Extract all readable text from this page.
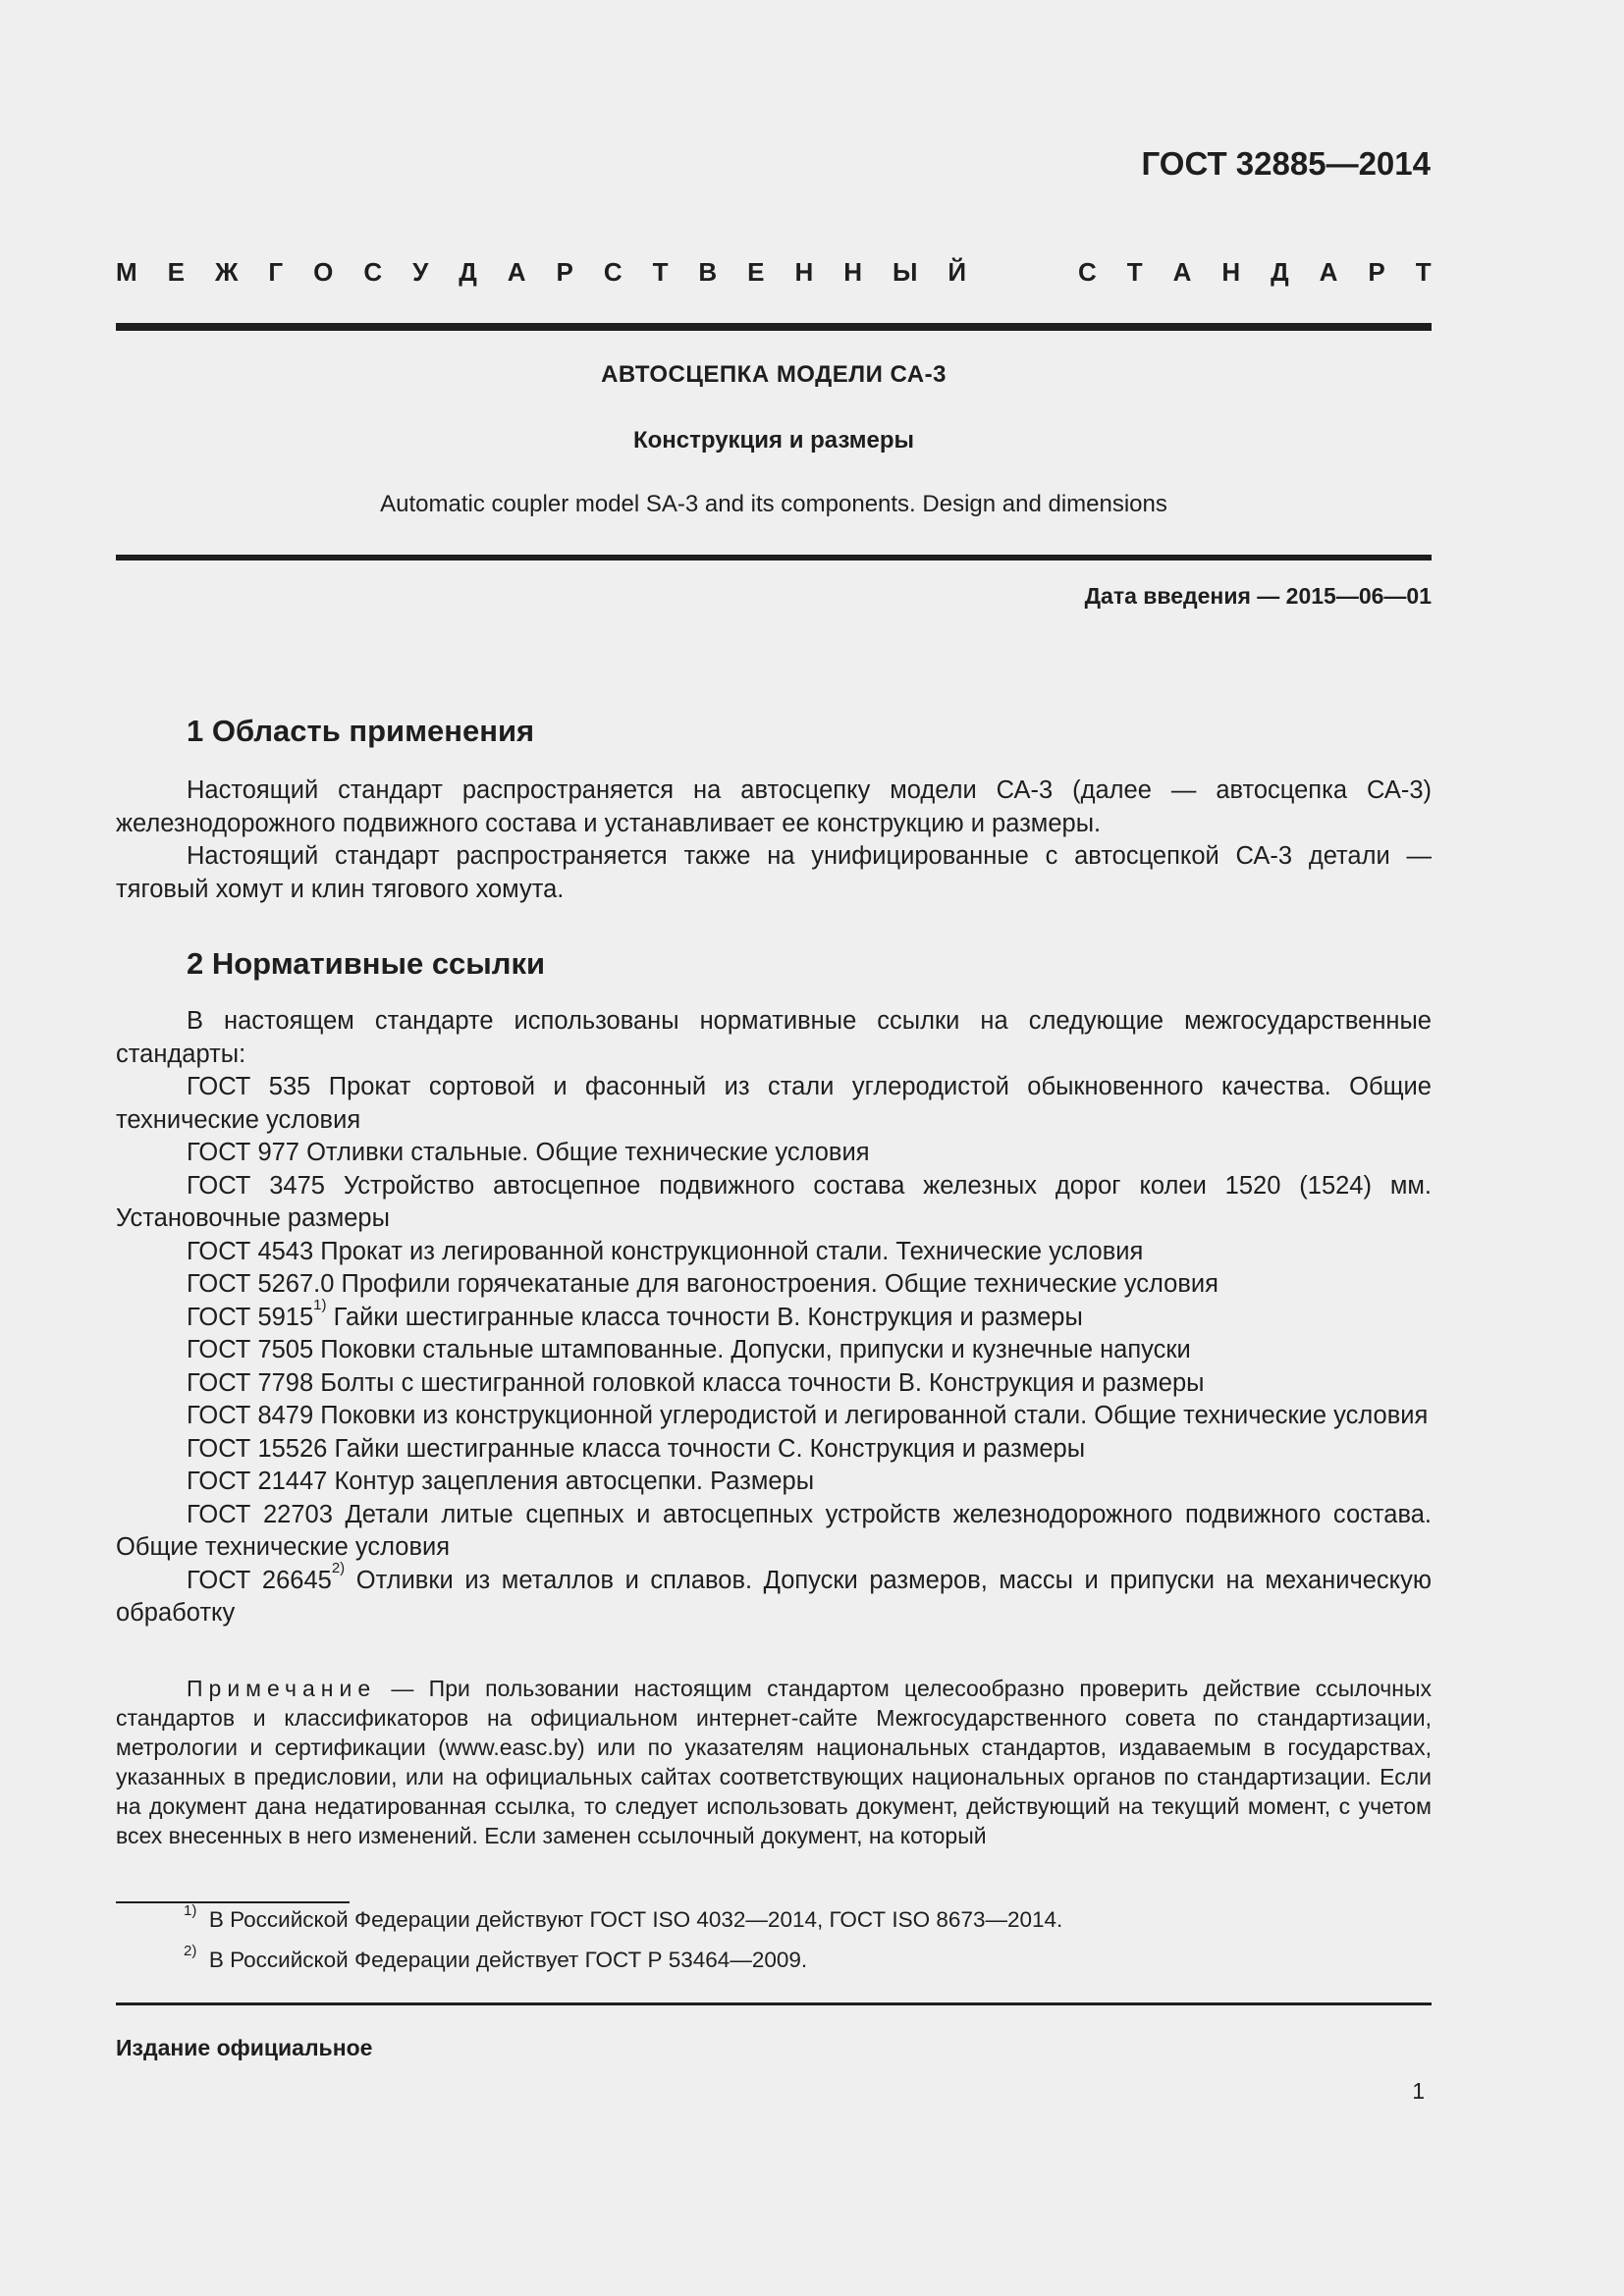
ГОСТ 32885—2014
М Е Ж Г О С У Д А Р С Т В Е Н Н Ы Й	С Т А Н Д А Р Т
АВТОСЦЕПКА МОДЕЛИ СА-3
Конструкция и размеры
Automatic coupler model SA-3 and its components. Design and dimensions
Дата введения — 2015—06—01
1 Область применения

Настоящий стандарт распространяется на автосцепку модели СА-3 (далее — автосцепка СА-3) железнодорожного подвижного состава и устанавливает ее конструкцию и размеры.

Настоящий стандарт распространяется также на унифицированные с автосцепкой СА-3 детали — тяговый хомут и клин тягового хомута.

2 Нормативные ссылки

В настоящем стандарте использованы нормативные ссылки на следующие межгосударственные стандарты:

ГОСТ 535 Прокат сортовой и фасонный из стали углеродистой обыкновенного качества. Общие технические условия

ГОСТ 977 Отливки стальные. Общие технические условия

ГОСТ 3475 Устройство автосцепное подвижного состава железных дорог колеи 1520 (1524) мм. Установочные размеры

ГОСТ 4543 Прокат из легированной конструкционной стали. Технические условия

ГОСТ 5267.0 Профили горячекатаные для вагоностроения. Общие технические условия

ГОСТ 5915$^{1)}$ Гайки шестигранные класса точности В. Конструкция и размеры

ГОСТ 7505 Поковки стальные штампованные. Допуски, припуски и кузнечные напуски

ГОСТ 7798 Болты с шестигранной головкой класса точности В. Конструкция и размеры

ГОСТ 8479 Поковки из конструкционной углеродистой и легированной стали. Общие технические условия

ГОСТ 15526 Гайки шестигранные класса точности С. Конструкция и размеры

ГОСТ 21447 Контур зацепления автосцепки. Размеры

ГОСТ 22703 Детали литые сцепных и автосцепных устройств железнодорожного подвижного состава. Общие технические условия

ГОСТ 26645$^{2)}$ Отливки из металлов и сплавов. Допуски размеров, массы и припуски на механическую обработку

Примечание — При пользовании настоящим стандартом целесообразно проверить действие ссылочных стандартов и классификаторов на официальном интернет-сайте Межгосударственного совета по стандартизации, метрологии и сертификации (www.easc.by) или по указателям национальных стандартов, издаваемым в государствах, указанных в предисловии, или на официальных сайтах соответствующих национальных органов по стандартизации. Если на документ дана недатированная ссылка, то следует использовать документ, действующий на текущий момент, с учетом всех внесенных в него изменений. Если заменен ссылочный документ, на который

$^{1)}$ В Российской Федерации действуют ГОСТ ISO 4032—2014, ГОСТ ISO 8673—2014.
$^{2)}$ В Российской Федерации действует ГОСТ Р 53464—2009.
Издание официальное
1
